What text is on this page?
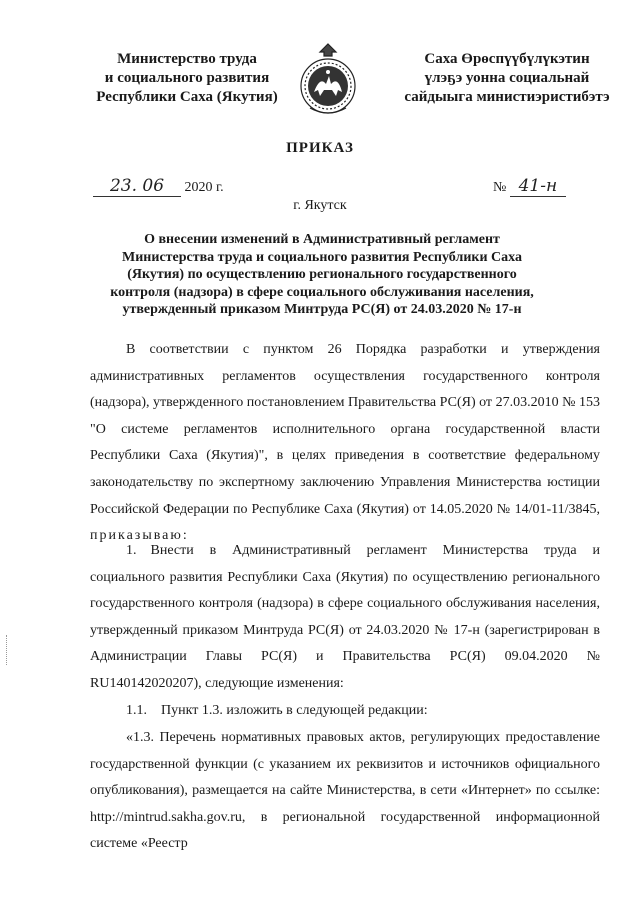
Министерство труда
и социального развития
Республики Саха (Якутия)
Саха Өрөспүүбүлүкэтин
үлэҕэ уонна социальнай
сайдыыга министиэристибэтэ
ПРИКАЗ
23. 06 2020 г.	№ 41-н
г. Якутск
О внесении изменений в Административный регламент Министерства труда и социального развития Республики Саха (Якутия) по осуществлению регионального государственного контроля (надзора) в сфере социального обслуживания населения, утвержденный приказом Минтруда РС(Я) от 24.03.2020 № 17-н

В соответствии с пунктом 26 Порядка разработки и утверждения административных регламентов осуществления государственного контроля (надзора), утвержденного постановлением Правительства РС(Я) от 27.03.2010 № 153 "О системе регламентов исполнительного органа государственной власти Республики Саха (Якутия)", в целях приведения в соответствие федеральному законодательству по экспертному заключению Управления Министерства юстиции Российской Федерации по Республике Саха (Якутия) от 14.05.2020 № 14/01-11/3845, приказываю:

1. Внести в Административный регламент Министерства труда и социального развития Республики Саха (Якутия) по осуществлению регионального государственного контроля (надзора) в сфере социального обслуживания населения, утвержденный приказом Минтруда РС(Я) от 24.03.2020 № 17-н (зарегистрирован в Администрации Главы РС(Я) и Правительства РС(Я) 09.04.2020 № RU140142020207), следующие изменения:

1.1. Пункт 1.3. изложить в следующей редакции:

«1.3. Перечень нормативных правовых актов, регулирующих предоставление государственной функции (с указанием их реквизитов и источников официального опубликования), размещается на сайте Министерства, в сети «Интернет» по ссылке: http://mintrud.sakha.gov.ru, в региональной государственной информационной системе «Реестр
